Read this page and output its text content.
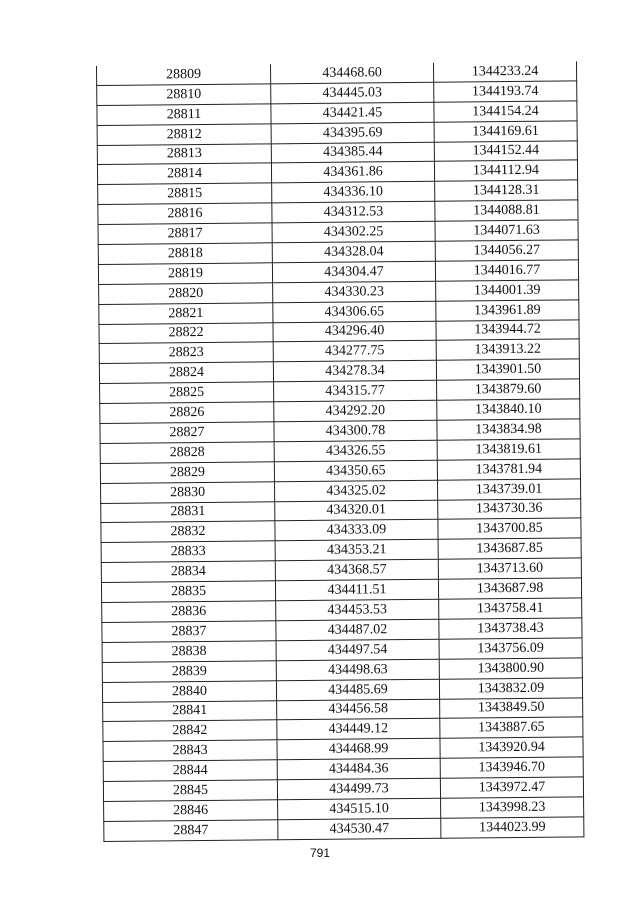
28809	434468.60	1344233.24
28810	434445.03	1344193.74
28811	434421.45	1344154.24
28812	434395.69	1344169.61
28813	434385.44	1344152.44
28814	434361.86	1344112.94
28815	434336.10	1344128.31
28816	434312.53	1344088.81
28817	434302.25	1344071.63
28818	434328.04	1344056.27
28819	434304.47	1344016.77
28820	434330.23	1344001.39
28821	434306.65	1343961.89
28822	434296.40	1343944.72
28823	434277.75	1343913.22
28824	434278.34	1343901.50
28825	434315.77	1343879.60
28826	434292.20	1343840.10
28827	434300.78	1343834.98
28828	434326.55	1343819.61
28829	434350.65	1343781.94
28830	434325.02	1343739.01
28831	434320.01	1343730.36
28832	434333.09	1343700.85
28833	434353.21	1343687.85
28834	434368.57	1343713.60
28835	434411.51	1343687.98
28836	434453.53	1343758.41
28837	434487.02	1343738.43
28838	434497.54	1343756.09
28839	434498.63	1343800.90
28840	434485.69	1343832.09
28841	434456.58	1343849.50
28842	434449.12	1343887.65
28843	434468.99	1343920.94
28844	434484.36	1343946.70
28845	434499.73	1343972.47
28846	434515.10	1343998.23
28847	434530.47	1344023.99
791
